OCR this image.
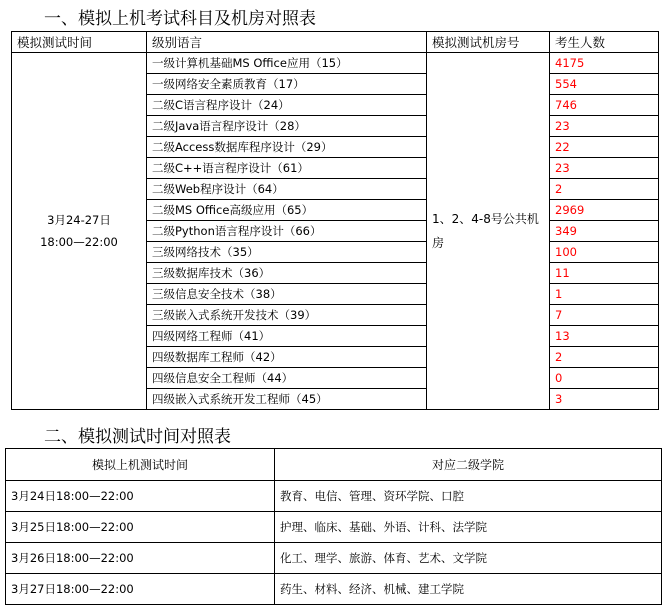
一、模拟上机考试科目及机房对照表
模拟测试时间	级别语言	模拟测试机房号	考生人数

3月24-27日
18:00—22:00	一级计算机基础MS Office应用（15）	1、2、4-8号公共机房	4175
	一级网络安全素质教育（17）		554
	二级C语言程序设计（24）		746
	二级Java语言程序设计（28）		23
	二级Access数据库程序设计（29）		22
	二级C++语言程序设计（61）		23
	二级Web程序设计（64）		2
	二级MS Office高级应用（65）		2969
	二级Python语言程序设计（66）		349
	三级网络技术（35）		100
	三级数据库技术（36）		11
	三级信息安全技术（38）		1
	三级嵌入式系统开发技术（39）		7
	四级网络工程师（41）		13
	四级数据库工程师（42）		2
	四级信息安全工程师（44）		0
	四级嵌入式系统开发工程师（45）		3
二、模拟测试时间对照表
模拟上机测试时间	对应二级学院
3月24日18:00—22:00	教育、电信、管理、资环学院、口腔
3月25日18:00—22:00	护理、临床、基础、外语、计科、法学院
3月26日18:00—22:00	化工、理学、旅游、体育、艺术、文学院
3月27日18:00—22:00	药生、材料、经济、机械、建工学院
